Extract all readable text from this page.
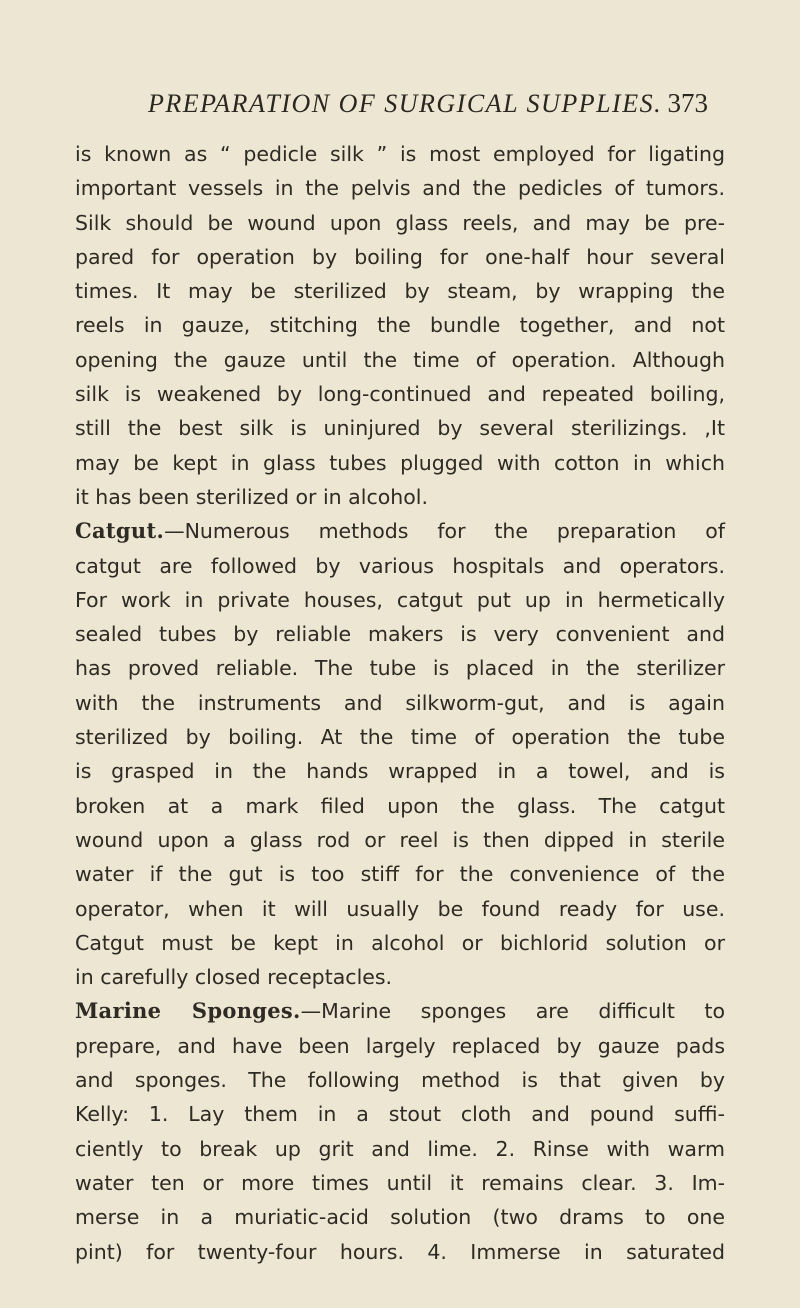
PREPARATION OF SURGICAL SUPPLIES. 373
is known as “ pedicle silk ” is most employed for ligating
important vessels in the pelvis and the pedicles of tumors.
Silk should be wound upon glass reels, and may be pre-
pared for operation by boiling for one-half hour several
times. It may be sterilized by steam, by wrapping the
reels in gauze, stitching the bundle together, and not
opening the gauze until the time of operation. Although
silk is weakened by long-continued and repeated boiling,
still the best silk is uninjured by several sterilizings. ,It
may be kept in glass tubes plugged with cotton in which
it has been sterilized or in alcohol.
Catgut.—Numerous methods for the preparation of
catgut are followed by various hospitals and operators.
For work in private houses, catgut put up in hermetically
sealed tubes by reliable makers is very convenient and
has proved reliable. The tube is placed in the sterilizer
with the instruments and silkworm-gut, and is again
sterilized by boiling. At the time of operation the tube
is grasped in the hands wrapped in a towel, and is
broken at a mark filed upon the glass. The catgut
wound upon a glass rod or reel is then dipped in sterile
water if the gut is too stiff for the convenience of the
operator, when it will usually be found ready for use.
Catgut must be kept in alcohol or bichlorid solution or
in carefully closed receptacles.
Marine Sponges.—Marine sponges are difficult to
prepare, and have been largely replaced by gauze pads
and sponges. The following method is that given by
Kelly: 1. Lay them in a stout cloth and pound suffi-
ciently to break up grit and lime. 2. Rinse with warm
water ten or more times until it remains clear. 3. Im-
merse in a muriatic-acid solution (two drams to one
pint) for twenty-four hours. 4. Immerse in saturated
